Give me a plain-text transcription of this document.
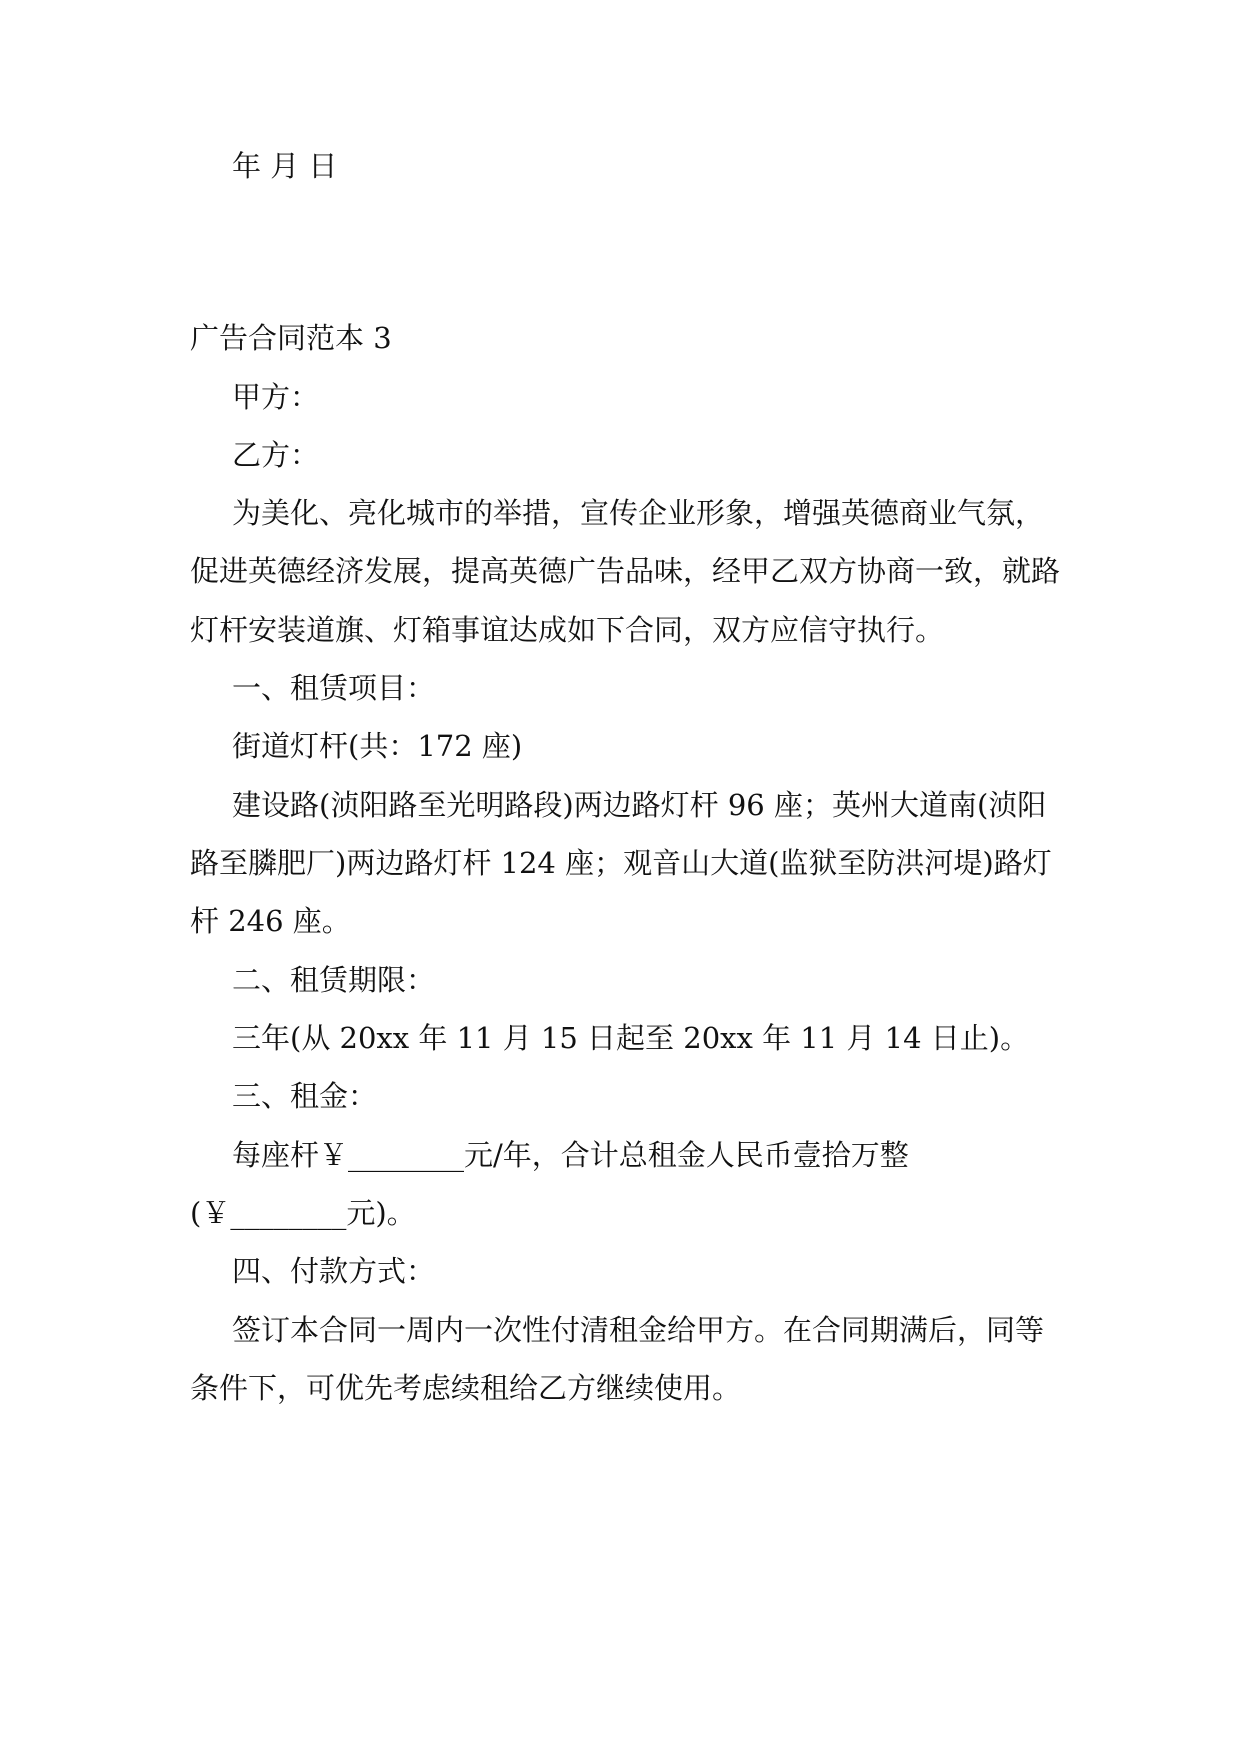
年 月 日
广告合同范本 3
甲方：
乙方：
为美化、亮化城市的举措，宣传企业形象，增强英德商业气氛，
促进英德经济发展，提高英德广告品味，经甲乙双方协商一致，就路
灯杆安装道旗、灯箱事谊达成如下合同，双方应信守执行。
一、租赁项目：
街道灯杆(共：172 座)
建设路(浈阳路至光明路段)两边路灯杆 96 座；英州大道南(浈阳
路至膦肥厂)两边路灯杆 124 座；观音山大道(监狱至防洪河堤)路灯
杆 246 座。
二、租赁期限：
三年(从 20xx 年 11 月 15 日起至 20xx 年 11 月 14 日止)。
三、租金：
每座杆￥________元/年，合计总租金人民币壹拾万整
(￥________元)。
四、付款方式：
签订本合同一周内一次性付清租金给甲方。在合同期满后，同等
条件下，可优先考虑续租给乙方继续使用。
